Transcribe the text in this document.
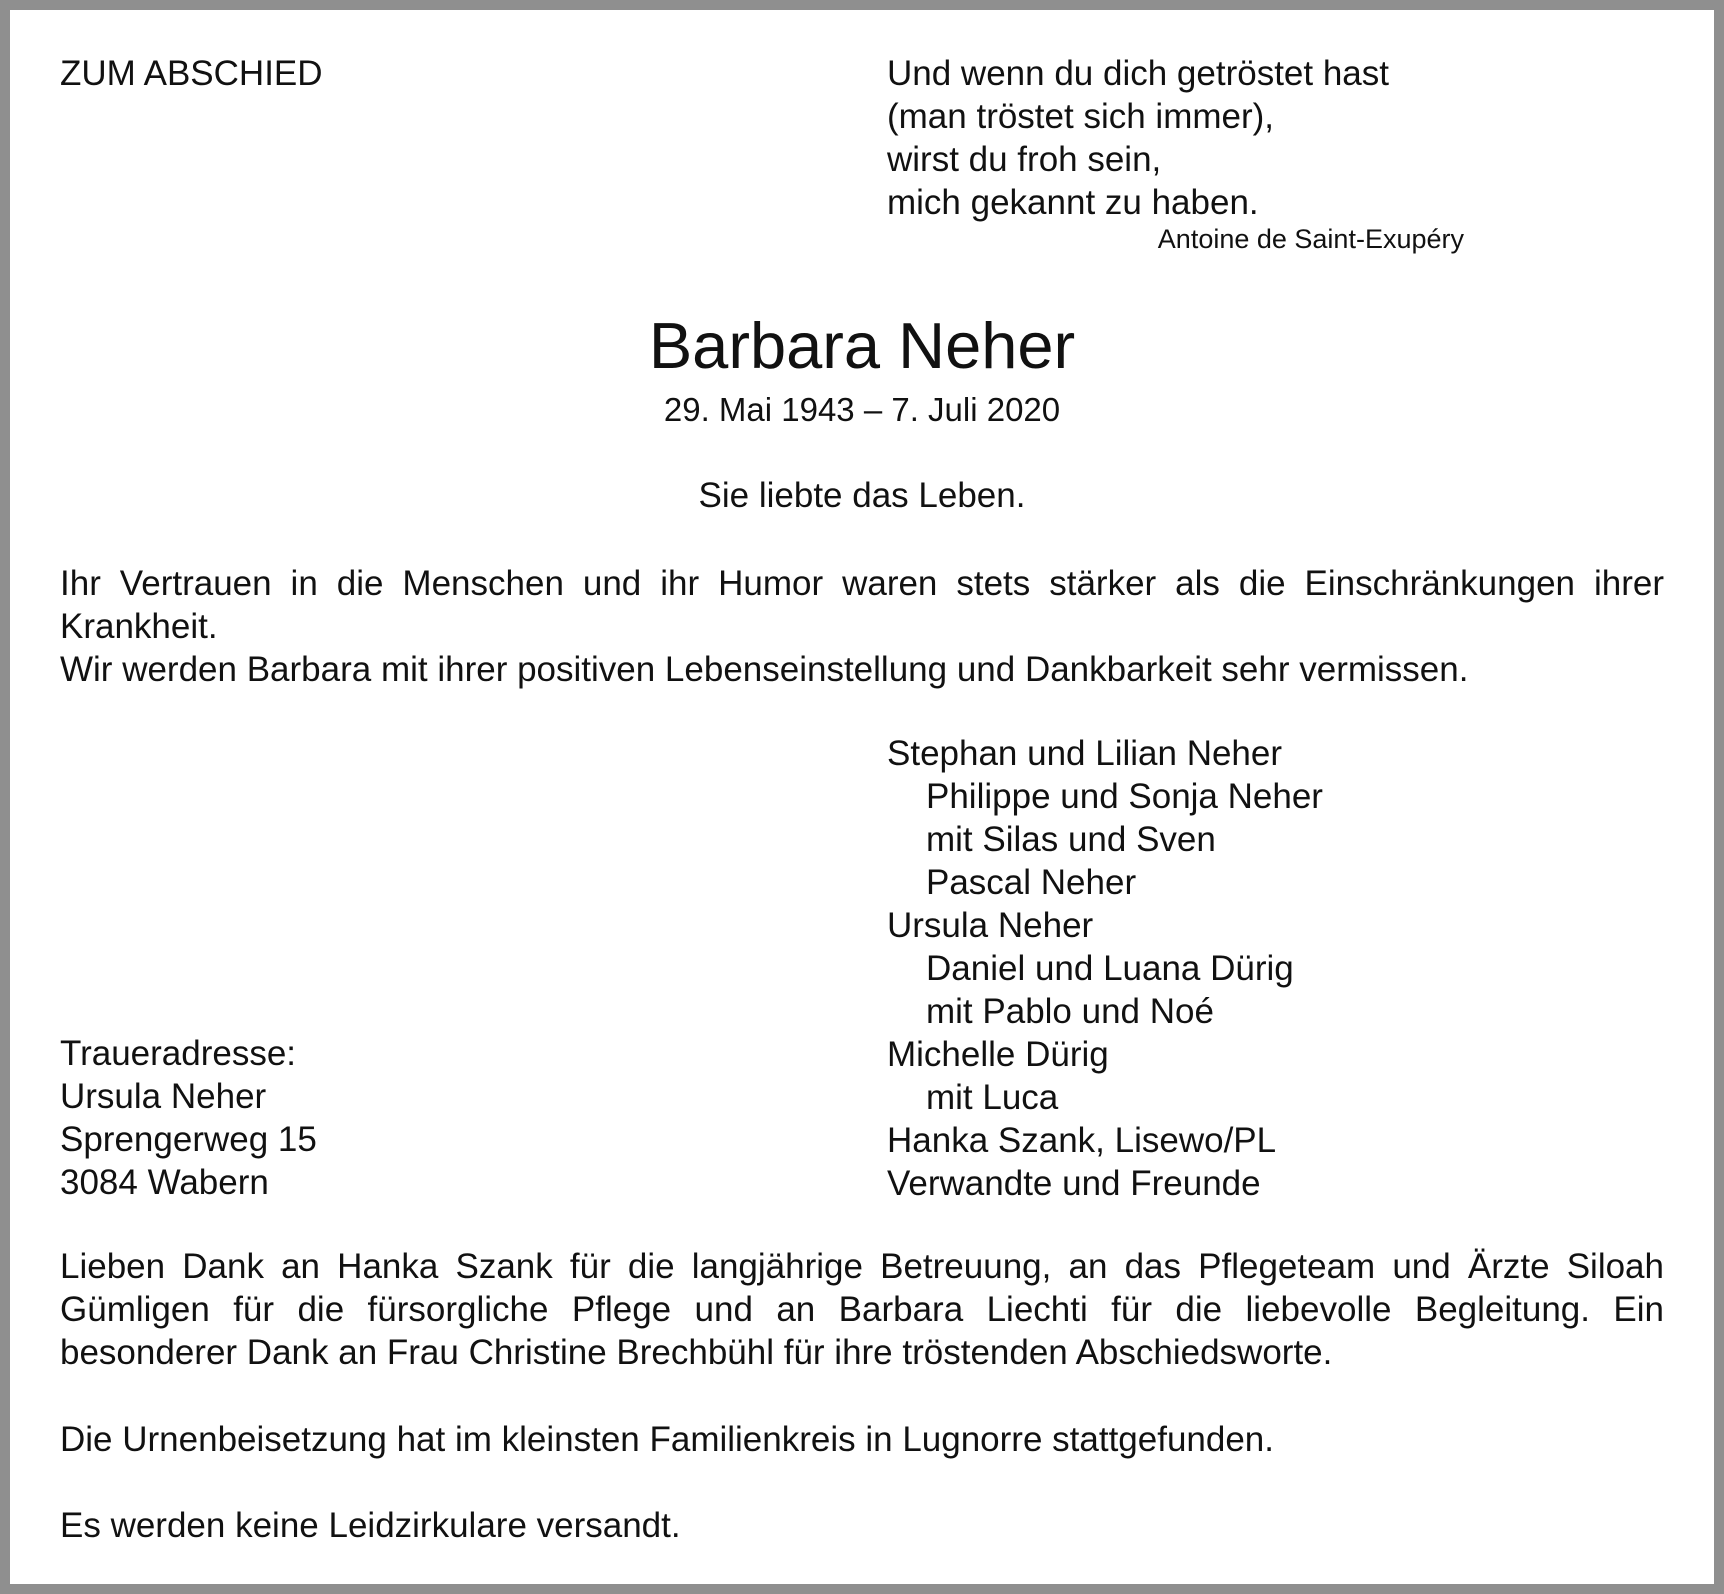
ZUM ABSCHIED	Und wenn du dich getröstet hast
(man tröstet sich immer),
wirst du froh sein,
mich gekannt zu haben.
Antoine de Saint-Exupéry
Barbara Neher
29. Mai 1943 – 7. Juli 2020
Sie liebte das Leben.
Ihr Vertrauen in die Menschen und ihr Humor waren stets stärker als die Einschränkungen ihrer Krankheit.
Wir werden Barbara mit ihrer positiven Lebenseinstellung und Dankbarkeit sehr vermissen.
Stephan und Lilian Neher
Philippe und Sonja Neher
mit Silas und Sven
Pascal Neher
Ursula Neher
Daniel und Luana Dürig
mit Pablo und Noé
Michelle Dürig
mit Luca
Hanka Szank, Lisewo/PL
Verwandte und Freunde
Traueradresse:
Ursula Neher
Sprengerweg 15
3084 Wabern
Lieben Dank an Hanka Szank für die langjährige Betreuung, an das Pflegeteam und Ärzte Siloah Gümligen für die fürsorgliche Pflege und an Barbara Liechti für die liebevolle Begleitung. Ein besonderer Dank an Frau Christine Brechbühl für ihre tröstenden Abschiedsworte.
Die Urnenbeisetzung hat im kleinsten Familienkreis in Lugnorre stattgefunden.
Es werden keine Leidzirkulare versandt.
